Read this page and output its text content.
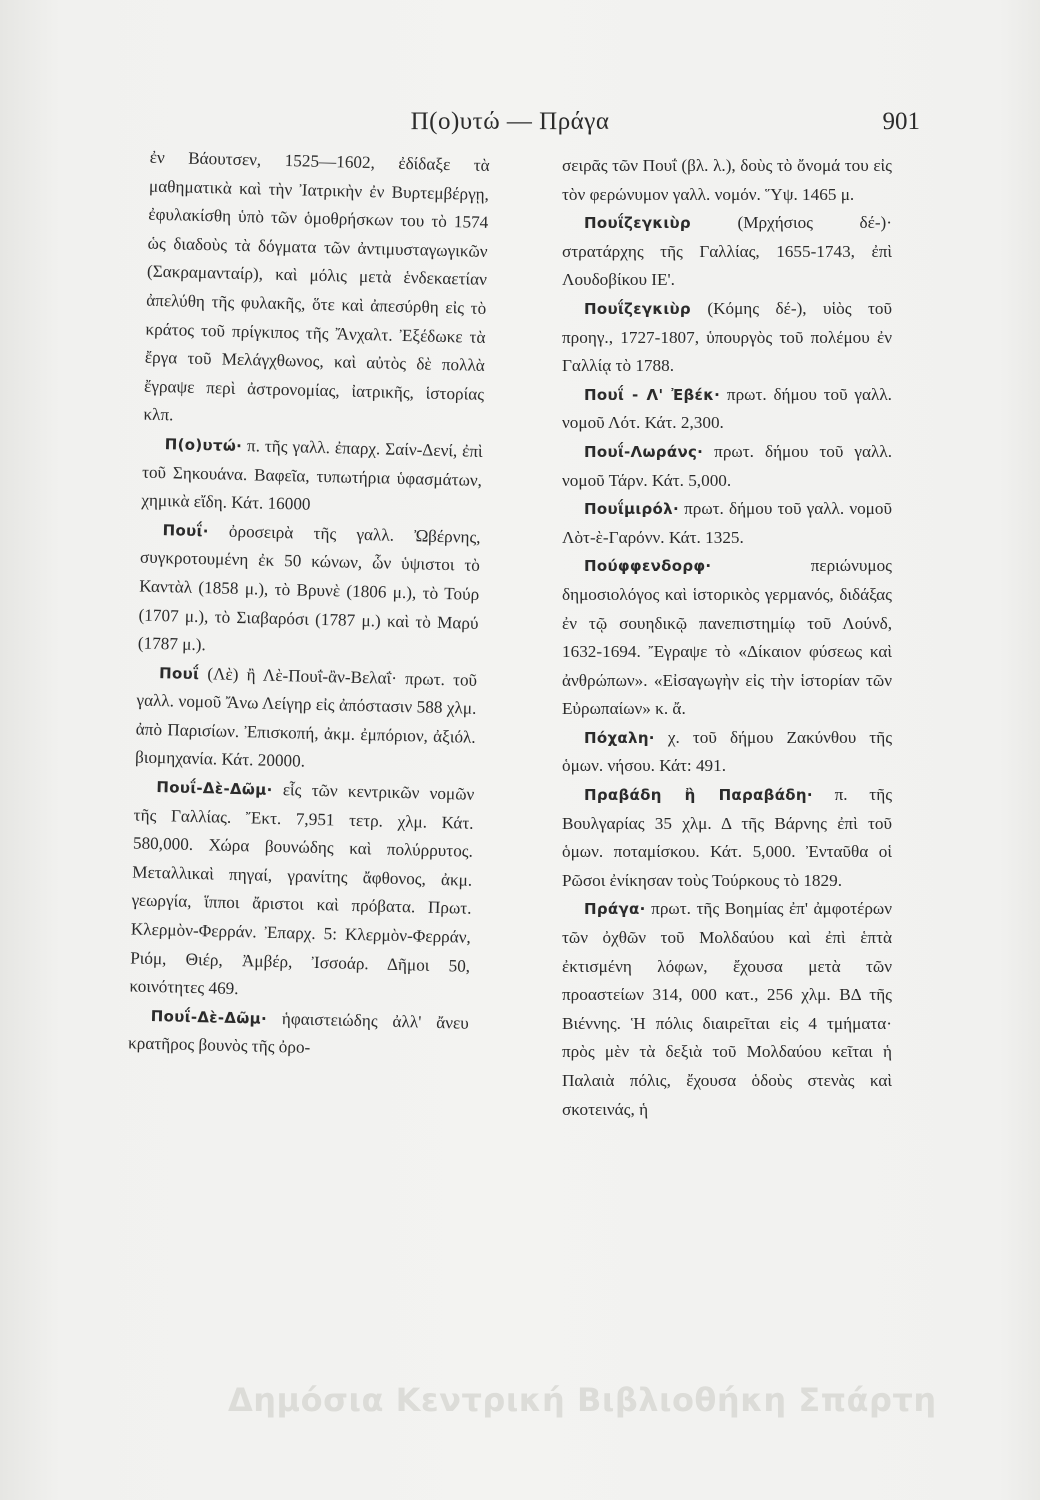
Π(ο)υτώ — Πράγα	901

ἐν Βάουτσεν, 1525—1602, ἐδίδαξε τὰ μαθηματικὰ καὶ τὴν Ἰατρικὴν ἐν Βυρτεμβέργῃ, ἐφυλακίσθη ὑπὸ τῶν ὁμοθρήσκων του τὸ 1574 ὡς διαδοὺς τὰ δόγματα τῶν ἀντιμυσταγωγικῶν (Σακραμανταίρ), καὶ μόλις μετὰ ἑνδεκαετίαν ἀπελύθη τῆς φυλακῆς, ὅτε καὶ ἀπεσύρθη εἰς τὸ κράτος τοῦ πρίγκιπος τῆς Ἄνχαλτ. Ἐξέδωκε τὰ ἔργα τοῦ Μελάγχθωνος, καὶ αὐτὸς δὲ πολλὰ ἔγραψε περὶ ἀστρονομίας, ἰατρικῆς, ἱστορίας κλπ.

Π(ο)υτώ· π. τῆς γαλλ. ἐπαρχ. Σαίν-Δενί, ἐπὶ τοῦ Σηκουάνα. Βαφεῖα, τυπωτήρια ὑφασμάτων, χημικὰ εἴδη. Κάτ. 16000

Πουΐ· ὀροσειρὰ τῆς γαλλ. Ὠβέρνης, συγκροτουμένη ἐκ 50 κώνων, ὧν ὑψιστοι τὸ Καντὰλ (1858 μ.), τὸ Βρυνὲ (1806 μ.), τὸ Τούρ (1707 μ.), τὸ Σιαβαρόσι (1787 μ.) καὶ τὸ Μαρύ (1787 μ.).

Πουΐ (Λὲ) ἢ Λὲ-Πουΐ-ἂν-Βελαΐ· πρωτ. τοῦ γαλλ. νομοῦ Ἄνω Λείγηρ εἰς ἀπόστασιν 588 χλμ. ἀπὸ Παρισίων. Ἐπισκοπή, ἀκμ. ἐμπόριον, ἀξιόλ. βιομηχανία. Κάτ. 20000.

Πουΐ-Δὲ-Δῶμ· εἷς τῶν κεντρικῶν νομῶν τῆς Γαλλίας. Ἔκτ. 7,951 τετρ. χλμ. Κάτ. 580,000. Χώρα βουνώδης καὶ πολύρρυτος. Μεταλλικαὶ πηγαί, γρανίτης ἄφθονος, ἀκμ. γεωργία, ἵπποι ἄριστοι καὶ πρόβατα. Πρωτ. Κλερμὸν-Φερράν. Ἐπαρχ. 5: Κλερμὸν-Φερράν, Ριόμ, Θιέρ, Ἀμβέρ, Ἰσσοάρ. Δῆμοι 50, κοινότητες 469.

Πουΐ-Δὲ-Δῶμ· ἡφαιστειώδης ἀλλ' ἄνευ κρατῆρος βουνὸς τῆς ὀρο-

σειρᾶς τῶν Πουΐ (βλ. λ.), δοὺς τὸ ὄνομά του εἰς τὸν φερώνυμον γαλλ. νομόν. Ὕψ. 1465 μ.

Πουΐζεγκιὺρ (Μρχήσιος δέ-)· στρατάρχης τῆς Γαλλίας, 1655-1743, ἐπὶ Λουδοβίκου ΙΕ'.

Πουΐζεγκιὺρ (Κόμης δέ-), υἱὸς τοῦ προηγ., 1727-1807, ὑπουργὸς τοῦ πολέμου ἐν Γαλλίᾳ τὸ 1788.

Πουΐ - Λ' Ἐβέκ· πρωτ. δήμου τοῦ γαλλ. νομοῦ Λότ. Κάτ. 2,300.

Πουΐ-Λωράνς· πρωτ. δήμου τοῦ γαλλ. νομοῦ Τάρν. Κάτ. 5,000.

Πουΐμιρόλ· πρωτ. δήμου τοῦ γαλλ. νομοῦ Λὸτ-ὲ-Γαρόνν. Κάτ. 1325.

Πούφφενδορφ· περιώνυμος δημοσιολόγος καὶ ἱστορικὸς γερμανός, διδάξας ἐν τῷ σουηδικῷ πανεπιστημίῳ τοῦ Λούνδ, 1632-1694. Ἔγραψε τὸ «Δίκαιον φύσεως καὶ ἀνθρώπων». «Εἰσαγωγὴν εἰς τὴν ἱστορίαν τῶν Εὐρωπαίων» κ. ἄ.

Πόχαλη· χ. τοῦ δήμου Ζακύνθου τῆς ὁμων. νήσου. Κάτ: 491.

Πραβάδη ἢ Παραβάδη· π. τῆς Βουλγαρίας 35 χλμ. Δ τῆς Βάρνης ἐπὶ τοῦ ὁμων. ποταμίσκου. Κάτ. 5,000. Ἐνταῦθα οἱ Ρῶσοι ἐνίκησαν τοὺς Τούρκους τὸ 1829.

Πράγα· πρωτ. τῆς Βοημίας ἐπ' ἀμφοτέρων τῶν ὀχθῶν τοῦ Μολδαύου καὶ ἐπὶ ἑπτὰ ἐκτισμένη λόφων, ἔχουσα μετὰ τῶν προαστείων 314, 000 κατ., 256 χλμ. ΒΔ τῆς Βιέννης. Ἡ πόλις διαιρεῖται εἰς 4 τμήματα· πρὸς μὲν τὰ δεξιὰ τοῦ Μολδαύου κεῖται ἡ Παλαιὰ πόλις, ἔχουσα ὁδοὺς στενὰς καὶ σκοτεινάς, ἡ

Δημόσια Κεντρική Βιβλιοθήκη Σπάρτη
